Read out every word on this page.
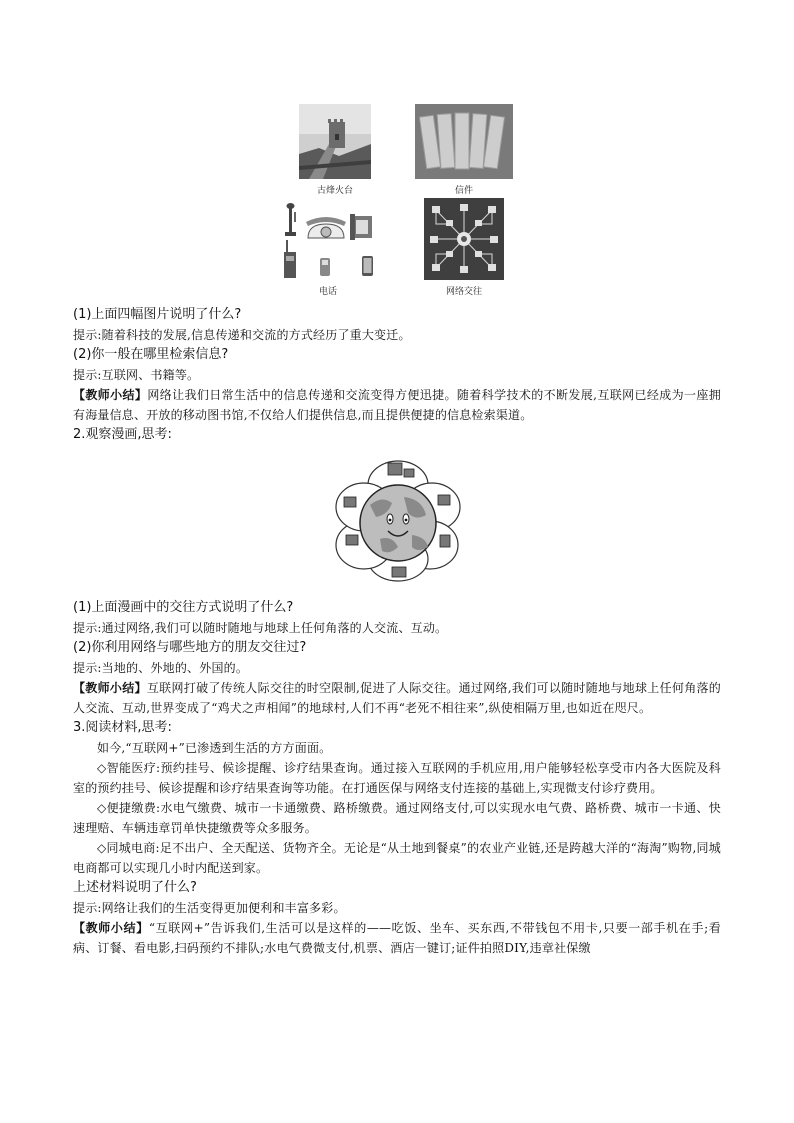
古烽火台	信件
电话	网络交往

(1)上面四幅图片说明了什么?

提示:随着科技的发展,信息传递和交流的方式经历了重大变迁。

(2)你一般在哪里检索信息?

提示:互联网、书籍等。

【教师小结】网络让我们日常生活中的信息传递和交流变得方便迅捷。随着科学技术的不断发展,互联网已经成为一座拥有海量信息、开放的移动图书馆,不仅给人们提供信息,而且提供便捷的信息检索渠道。

2.观察漫画,思考:

(1)上面漫画中的交往方式说明了什么?

提示:通过网络,我们可以随时随地与地球上任何角落的人交流、互动。

(2)你利用网络与哪些地方的朋友交往过?

提示:当地的、外地的、外国的。

【教师小结】互联网打破了传统人际交往的时空限制,促进了人际交往。通过网络,我们可以随时随地与地球上任何角落的人交流、互动,世界变成了“鸡犬之声相闻”的地球村,人们不再“老死不相往来”,纵使相隔万里,也如近在咫尺。

3.阅读材料,思考:

如今,“互联网+”已渗透到生活的方方面面。

◇智能医疗:预约挂号、候诊提醒、诊疗结果查询。通过接入互联网的手机应用,用户能够轻松享受市内各大医院及科室的预约挂号、候诊提醒和诊疗结果查询等功能。在打通医保与网络支付连接的基础上,实现微支付诊疗费用。

◇便捷缴费:水电气缴费、城市一卡通缴费、路桥缴费。通过网络支付,可以实现水电气费、路桥费、城市一卡通、快速理赔、车辆违章罚单快捷缴费等众多服务。

◇同城电商:足不出户、全天配送、货物齐全。无论是“从土地到餐桌”的农业产业链,还是跨越大洋的“海淘”购物,同城电商都可以实现几小时内配送到家。

上述材料说明了什么?

提示:网络让我们的生活变得更加便利和丰富多彩。

【教师小结】“互联网+”告诉我们,生活可以是这样的——吃饭、坐车、买东西,不带钱包不用卡,只要一部手机在手;看病、订餐、看电影,扫码预约不排队;水电气费微支付,机票、酒店一键订;证件拍照DIY,违章社保缴
